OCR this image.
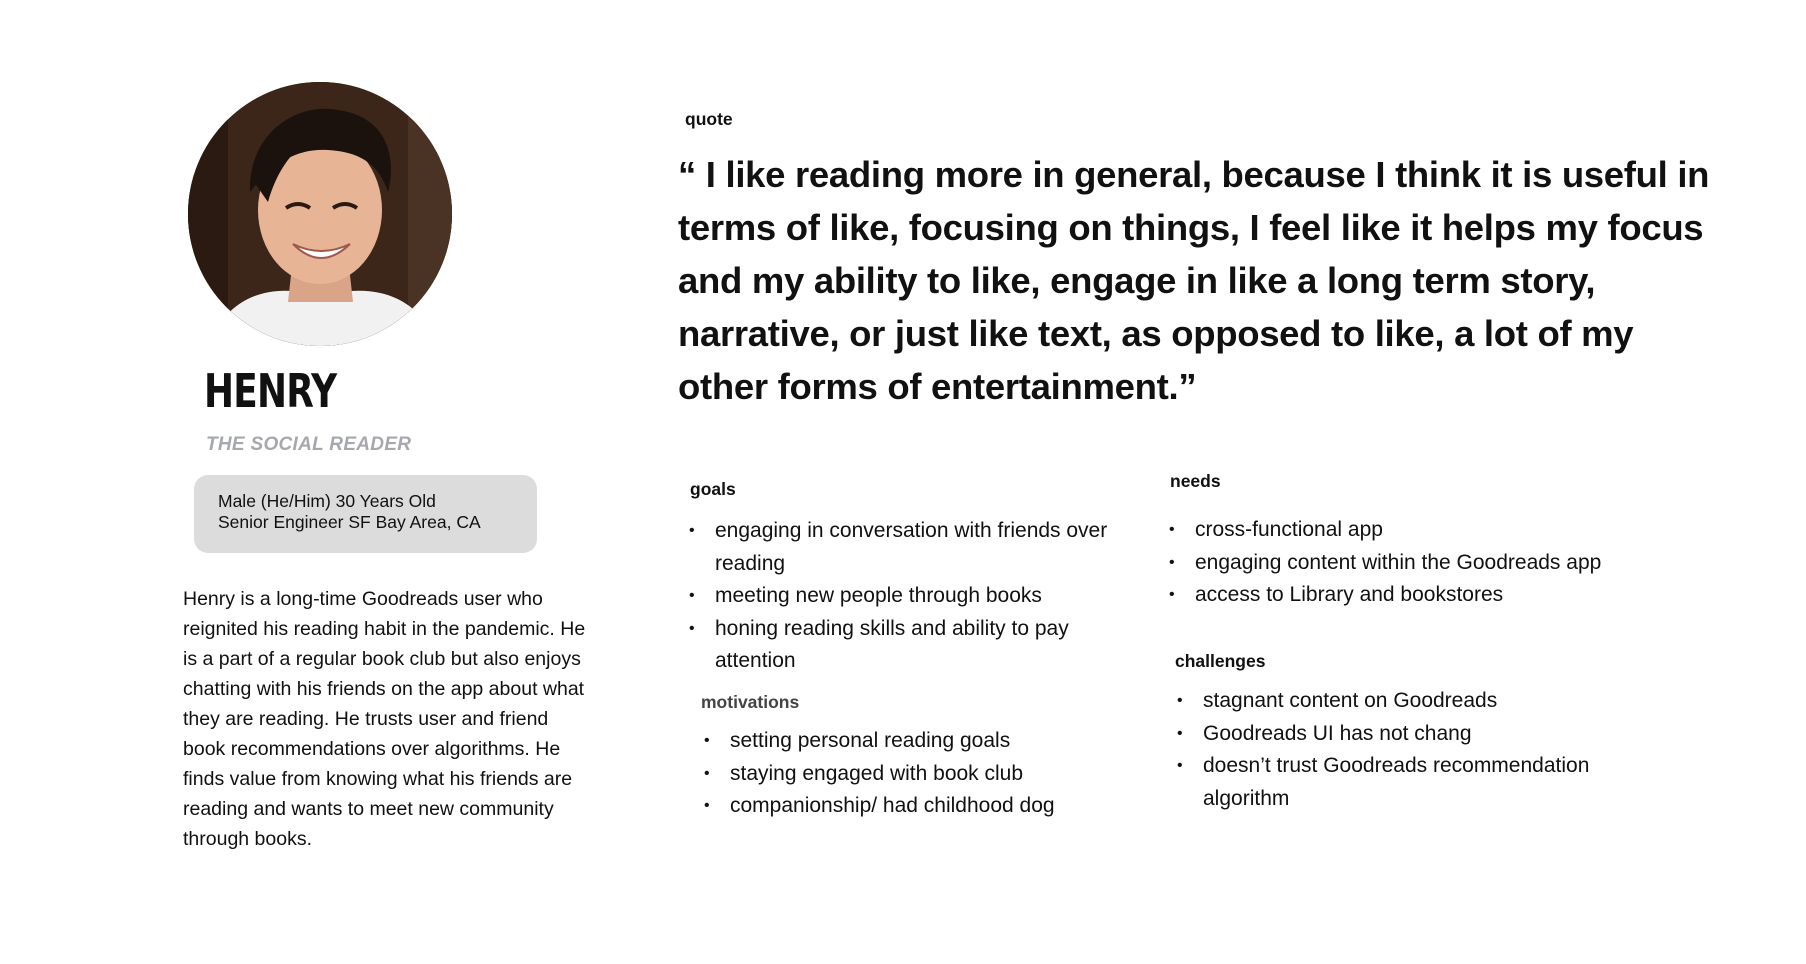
HENRY
THE SOCIAL READER
Male (He/Him) 30 Years Old
Senior Engineer SF Bay Area, CA
Henry is a long-time Goodreads user who reignited his reading habit in the pandemic. He is a part of a regular book club but also enjoys chatting with his friends on the app about what they are reading. He trusts user and friend book recommendations over algorithms. He finds value from knowing what his friends are reading and wants to meet new community through books.
quote
“ I like reading more in general, because I think it is useful in terms of like, focusing on things, I feel like it helps my focus and my ability to like, engage in like a long term story, narrative, or just like text, as opposed to like, a lot of my other forms of entertainment.”
goals
• engaging in conversation with friends over reading
• meeting new people through books
• honing reading skills and ability to pay attention
motivations
• setting personal reading goals
• staying engaged with book club
• companionship/ had childhood dog
needs
• cross-functional app
• engaging content within the Goodreads app
• access to Library and bookstores
challenges
• stagnant content on Goodreads
• Goodreads UI has not chang
• doesn’t trust Goodreads recommendation algorithm
